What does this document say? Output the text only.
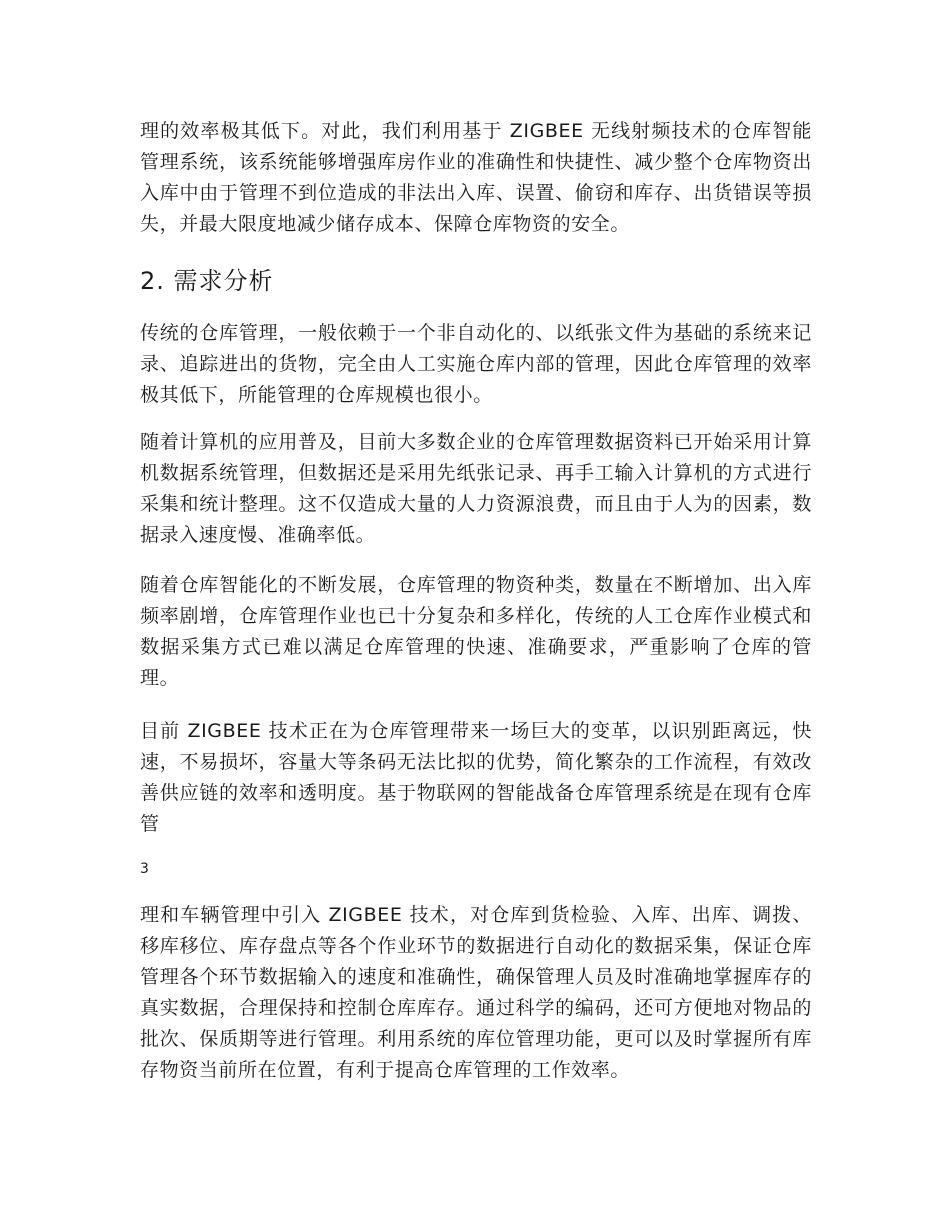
理的效率极其低下。对此，我们利用基于 ZIGBEE 无线射频技术的仓库智能管理系统，该系统能够增强库房作业的准确性和快捷性、减少整个仓库物资出入库中由于管理不到位造成的非法出入库、误置、偷窃和库存、出货错误等损失，并最大限度地减少储存成本、保障仓库物资的安全。

2. 需求分析

传统的仓库管理，一般依赖于一个非自动化的、以纸张文件为基础的系统来记录、追踪进出的货物，完全由人工实施仓库内部的管理，因此仓库管理的效率极其低下，所能管理的仓库规模也很小。

随着计算机的应用普及，目前大多数企业的仓库管理数据资料已开始采用计算机数据系统管理，但数据还是采用先纸张记录、再手工输入计算机的方式进行采集和统计整理。这不仅造成大量的人力资源浪费，而且由于人为的因素，数据录入速度慢、准确率低。

随着仓库智能化的不断发展，仓库管理的物资种类，数量在不断增加、出入库频率剧增，仓库管理作业也已十分复杂和多样化，传统的人工仓库作业模式和数据采集方式已难以满足仓库管理的快速、准确要求，严重影响了仓库的管理。

目前 ZIGBEE 技术正在为仓库管理带来一场巨大的变革，以识别距离远，快速，不易损坏，容量大等条码无法比拟的优势，简化繁杂的工作流程，有效改善供应链的效率和透明度。基于物联网的智能战备仓库管理系统是在现有仓库管

3

理和车辆管理中引入 ZIGBEE 技术，对仓库到货检验、入库、出库、调拨、移库移位、库存盘点等各个作业环节的数据进行自动化的数据采集，保证仓库管理各个环节数据输入的速度和准确性，确保管理人员及时准确地掌握库存的真实数据，合理保持和控制仓库库存。通过科学的编码，还可方便地对物品的批次、保质期等进行管理。利用系统的库位管理功能，更可以及时掌握所有库存物资当前所在位置，有利于提高仓库管理的工作效率。
